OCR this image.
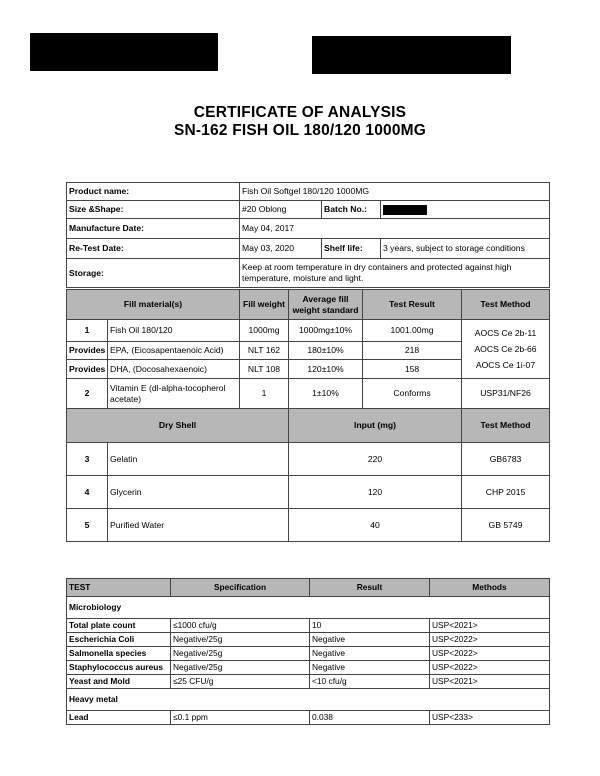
CERTIFICATE OF ANALYSIS
SN-162 FISH OIL 180/120 1000MG
Product name:	Fish Oil Softgel 180/120 1000MG		
Size &Shape:	#20 Oblong	Batch No.:	
Manufacture Date:	May 04, 2017		
Re-Test Date:	May 03, 2020	Shelf life:	3 years, subject to storage conditions
Storage:	Keep at room temperature in dry containers and protected against high temperature, moisture and light.		
Fill material(s)		Fill weight	Average fill weight standard	Test Result	Test Method
1	Fish Oil 180/120	1000mg	1000mg±10%	1001.00mg	AOCS Ce 2b-11
AOCS Ce 2b-66
AOCS Ce 1i-07

Provides	EPA, (Eicosapentaenoic Acid)	NLT 162	180±10%	218	
Provides	DHA, (Docosahexaenoic)	NLT 108	120±10%	158	
2	Vitamin E (dl-alpha-tocopherol acetate)	1	1±10%	Conforms	USP31/NF26
Dry Shell			Input (mg)		Test Method
3	Gelatin		220		GB6783
4	Glycerin		120		CHP 2015
5	Purified Water		40		GB 5749
TEST	Specification	Result	Methods
Microbiology			
Total plate count	≤1000 cfu/g	10	USP<2021>
Escherichia Coli	Negative/25g	Negative	USP<2022>
Salmonella species	Negative/25g	Negative	USP<2022>
Staphylococcus aureus	Negative/25g	Negative	USP<2022>
Yeast and Mold	≤25 CFU/g	<10 cfu/g	USP<2021>
Heavy metal			
Lead	≤0.1 ppm	0.038	USP<233>
